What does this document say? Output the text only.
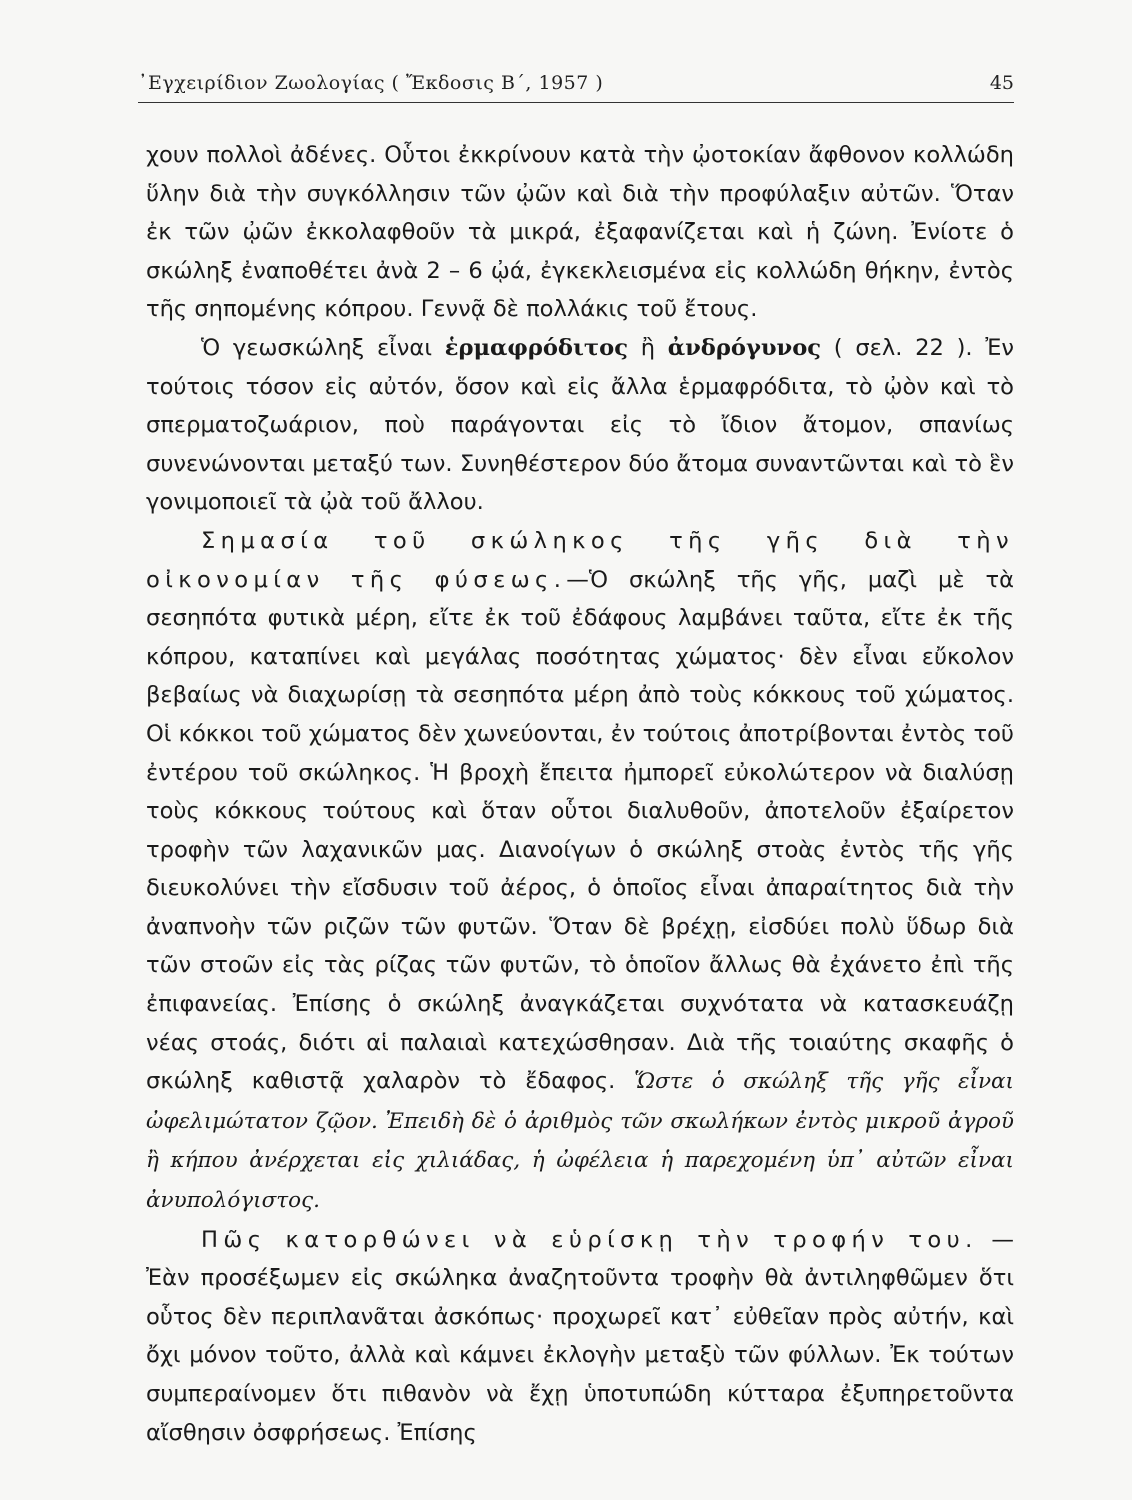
᾿Εγχειρίδιον Ζωολογίας ( Ἔκδοσις Β΄, 1957 )	45

χουν πολλοὶ ἀδένες. Οὗτοι ἐκκρίνουν κατὰ τὴν ᾠοτοκίαν ἄφθονον κολλώδη ὕλην διὰ τὴν συγκόλλησιν τῶν ᾠῶν καὶ διὰ τὴν προφύλαξιν αὐτῶν. Ὅταν ἐκ τῶν ᾠῶν ἐκκολαφθοῦν τὰ μικρά, ἐξαφανίζεται καὶ ἡ ζώνη. Ἐνίοτε ὁ σκώληξ ἐναποθέτει ἀνὰ 2 – 6 ᾠά, ἐγκεκλεισμένα εἰς κολλώδη θήκην, ἐντὸς τῆς σηπομένης κόπρου. Γεννᾷ δὲ πολλάκις τοῦ ἔτους.

Ὁ γεωσκώληξ εἶναι ἑρμαφρόδιτος ἢ ἀνδρόγυνος ( σελ. 22 ). Ἐν τούτοις τόσον εἰς αὐτόν, ὅσον καὶ εἰς ἄλλα ἑρμαφρόδιτα, τὸ ᾠὸν καὶ τὸ σπερματοζωάριον, ποὺ παράγονται εἰς τὸ ἴδιον ἄτομον, σπανίως συνενώνονται μεταξύ των. Συνηθέστερον δύο ἄτομα συναντῶνται καὶ τὸ ἓν γονιμοποιεῖ τὰ ᾠὰ τοῦ ἄλλου.

Σημασία τοῦ σκώληκος τῆς γῆς διὰ τὴν οἰκονομίαν τῆς φύσεως.—Ὁ σκώληξ τῆς γῆς, μαζὶ μὲ τὰ σεσηπότα φυτικὰ μέρη, εἴτε ἐκ τοῦ ἐδάφους λαμβάνει ταῦτα, εἴτε ἐκ τῆς κόπρου, καταπίνει καὶ μεγάλας ποσότητας χώματος· δὲν εἶναι εὔκολον βεβαίως νὰ διαχωρίσῃ τὰ σεσηπότα μέρη ἀπὸ τοὺς κόκκους τοῦ χώματος. Οἱ κόκκοι τοῦ χώματος δὲν χωνεύονται, ἐν τούτοις ἀποτρίβονται ἐντὸς τοῦ ἐντέρου τοῦ σκώληκος. Ἡ βροχὴ ἔπειτα ἠμπορεῖ εὐκολώτερον νὰ διαλύσῃ τοὺς κόκκους τούτους καὶ ὅταν οὗτοι διαλυθοῦν, ἀποτελοῦν ἐξαίρετον τροφὴν τῶν λαχανικῶν μας. Διανοίγων ὁ σκώληξ στοὰς ἐντὸς τῆς γῆς διευκολύνει τὴν εἴσδυσιν τοῦ ἀέρος, ὁ ὁποῖος εἶναι ἀπαραίτητος διὰ τὴν ἀναπνοὴν τῶν ριζῶν τῶν φυτῶν. Ὅταν δὲ βρέχῃ, εἰσδύει πολὺ ὕδωρ διὰ τῶν στοῶν εἰς τὰς ρίζας τῶν φυτῶν, τὸ ὁποῖον ἄλλως θὰ ἐχάνετο ἐπὶ τῆς ἐπιφανείας. Ἐπίσης ὁ σκώληξ ἀναγκάζεται συχνότατα νὰ κατασκευάζῃ νέας στοάς, διότι αἱ παλαιαὶ κατεχώσθησαν. Διὰ τῆς τοιαύτης σκαφῆς ὁ σκώληξ καθιστᾷ χαλαρὸν τὸ ἔδαφος. Ὥστε ὁ σκώληξ τῆς γῆς εἶναι ὠφελιμώτατον ζῷον. Ἐπειδὴ δὲ ὁ ἀριθμὸς τῶν σκωλήκων ἐντὸς μικροῦ ἀγροῦ ἢ κήπου ἀνέρχεται εἰς χιλιάδας, ἡ ὠφέλεια ἡ παρεχομένη ὑπ᾿ αὐτῶν εἶναι ἀνυπολόγιστος.

Πῶς κατορθώνει νὰ εὑρίσκῃ τὴν τροφήν του. — Ἐὰν προσέξωμεν εἰς σκώληκα ἀναζητοῦντα τροφὴν θὰ ἀντιληφθῶμεν ὅτι οὗτος δὲν περιπλανᾶται ἀσκόπως· προχωρεῖ κατ᾿ εὐθεῖαν πρὸς αὐτήν, καὶ ὄχι μόνον τοῦτο, ἀλλὰ καὶ κάμνει ἐκλογὴν μεταξὺ τῶν φύλλων. Ἐκ τούτων συμπεραίνομεν ὅτι πιθανὸν νὰ ἔχῃ ὑποτυπώδη κύτταρα ἐξυπηρετοῦντα αἴσθησιν ὀσφρήσεως. Ἐπίσης
